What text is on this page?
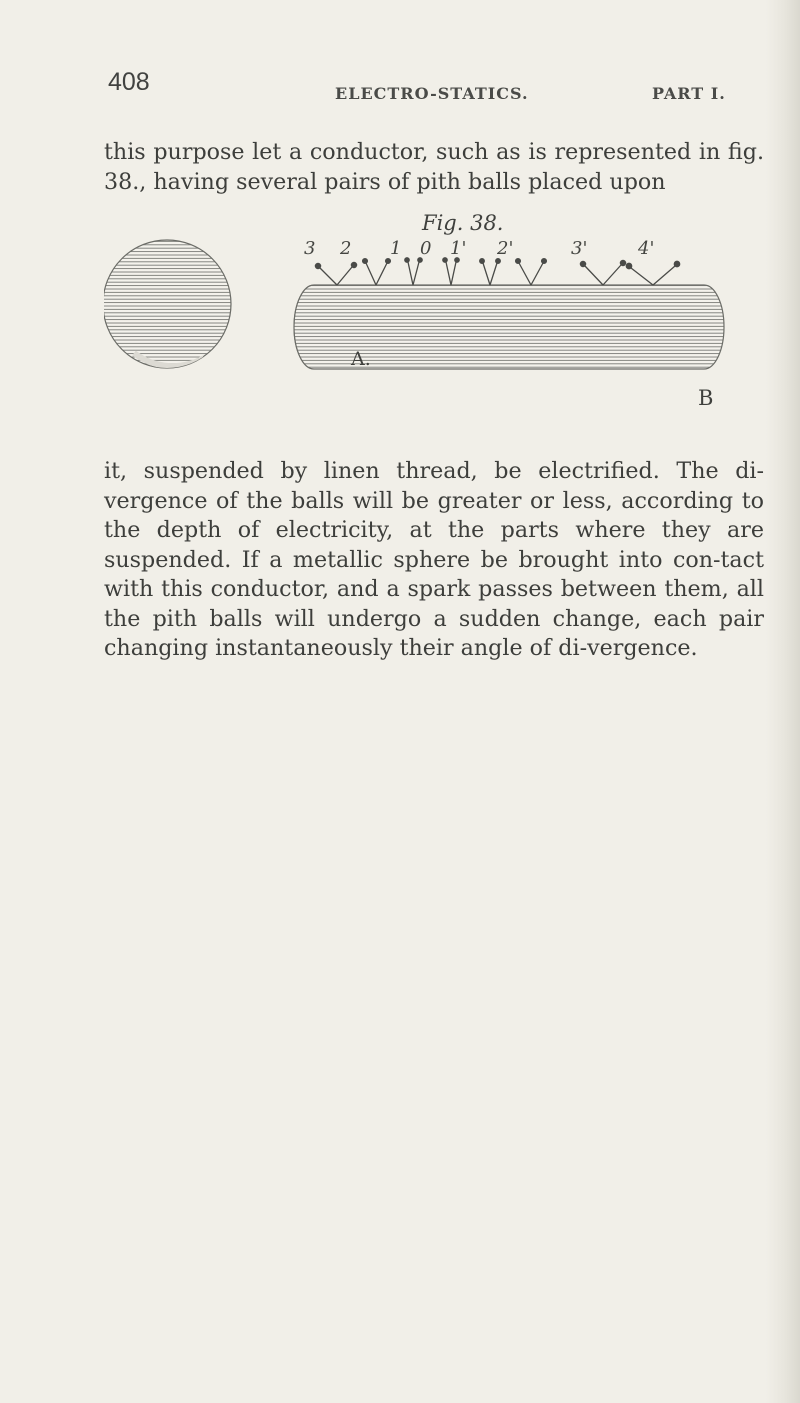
408	ELECTRO-STATICS.	PART I.

this purpose let a conductor, such as is represented in fig. 38., having several pairs of pith balls placed upon

Fig. 38.
3 2 1 0 1' 2'	3'	4'
A.
B

it, suspended by linen thread, be electrified. The di-vergence of the balls will be greater or less, according to the depth of electricity, at the parts where they are suspended. If a metallic sphere be brought into con-tact with this conductor, and a spark passes between them, all the pith balls will undergo a sudden change, each pair changing instantaneously their angle of di-vergence.
